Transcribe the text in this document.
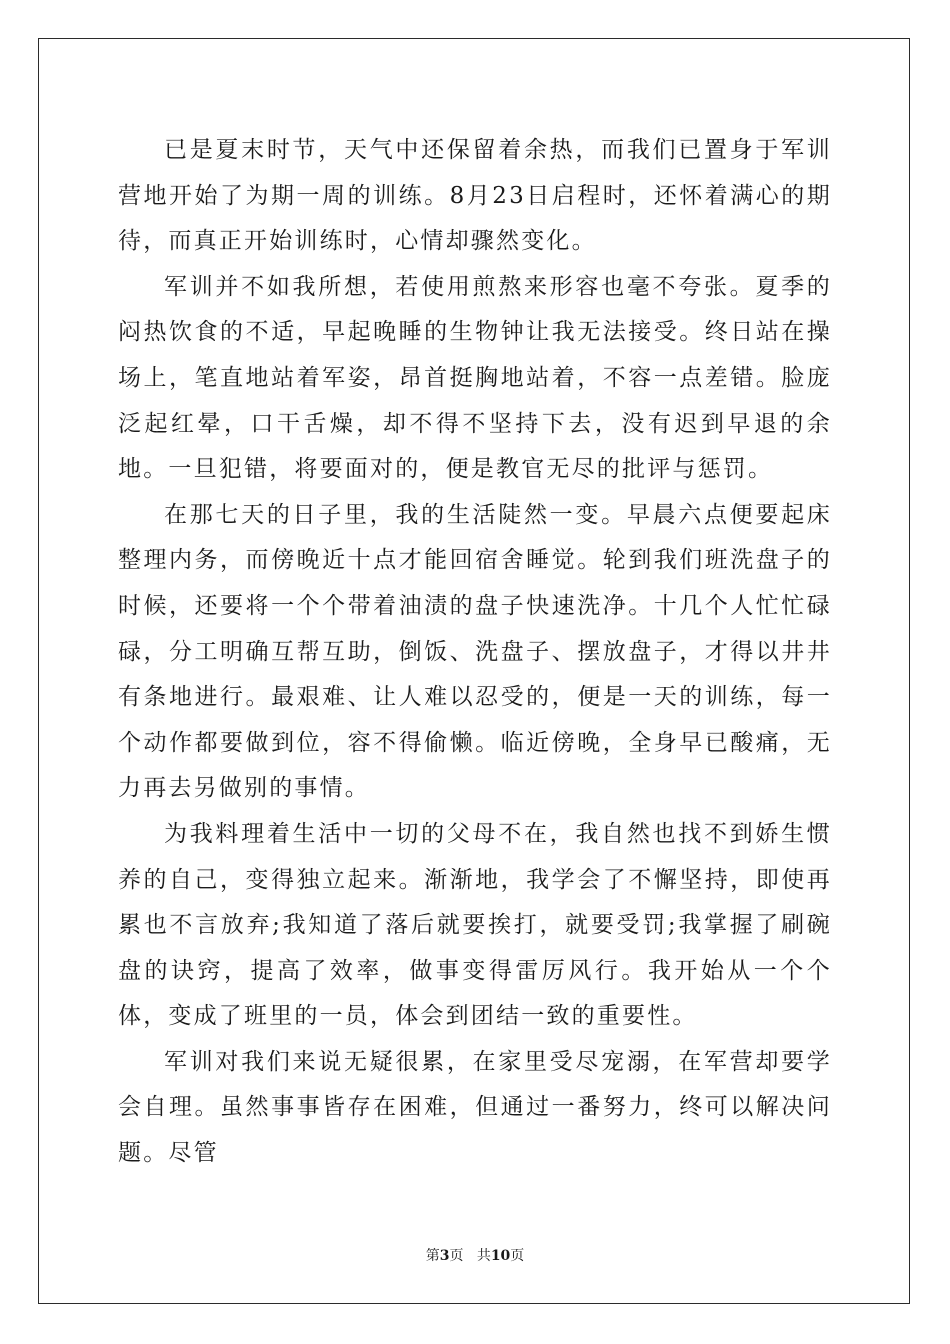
已是夏末时节，天气中还保留着余热，而我们已置身于军训营地开始了为期一周的训练。8月23日启程时，还怀着满心的期待，而真正开始训练时，心情却骤然变化。

军训并不如我所想，若使用煎熬来形容也毫不夸张。夏季的闷热饮食的不适，早起晚睡的生物钟让我无法接受。终日站在操场上，笔直地站着军姿，昂首挺胸地站着，不容一点差错。脸庞泛起红晕，口干舌燥，却不得不坚持下去，没有迟到早退的余地。一旦犯错，将要面对的，便是教官无尽的批评与惩罚。

在那七天的日子里，我的生活陡然一变。早晨六点便要起床整理内务，而傍晚近十点才能回宿舍睡觉。轮到我们班洗盘子的时候，还要将一个个带着油渍的盘子快速洗净。十几个人忙忙碌碌，分工明确互帮互助，倒饭、洗盘子、摆放盘子，才得以井井有条地进行。最艰难、让人难以忍受的，便是一天的训练，每一个动作都要做到位，容不得偷懒。临近傍晚，全身早已酸痛，无力再去另做别的事情。

为我料理着生活中一切的父母不在，我自然也找不到娇生惯养的自己，变得独立起来。渐渐地，我学会了不懈坚持，即使再累也不言放弃;我知道了落后就要挨打，就要受罚;我掌握了刷碗盘的诀窍，提高了效率，做事变得雷厉风行。我开始从一个个体，变成了班里的一员，体会到团结一致的重要性。

军训对我们来说无疑很累，在家里受尽宠溺，在军营却要学会自理。虽然事事皆存在困难，但通过一番努力，终可以解决问题。尽管

第3页 共10页
